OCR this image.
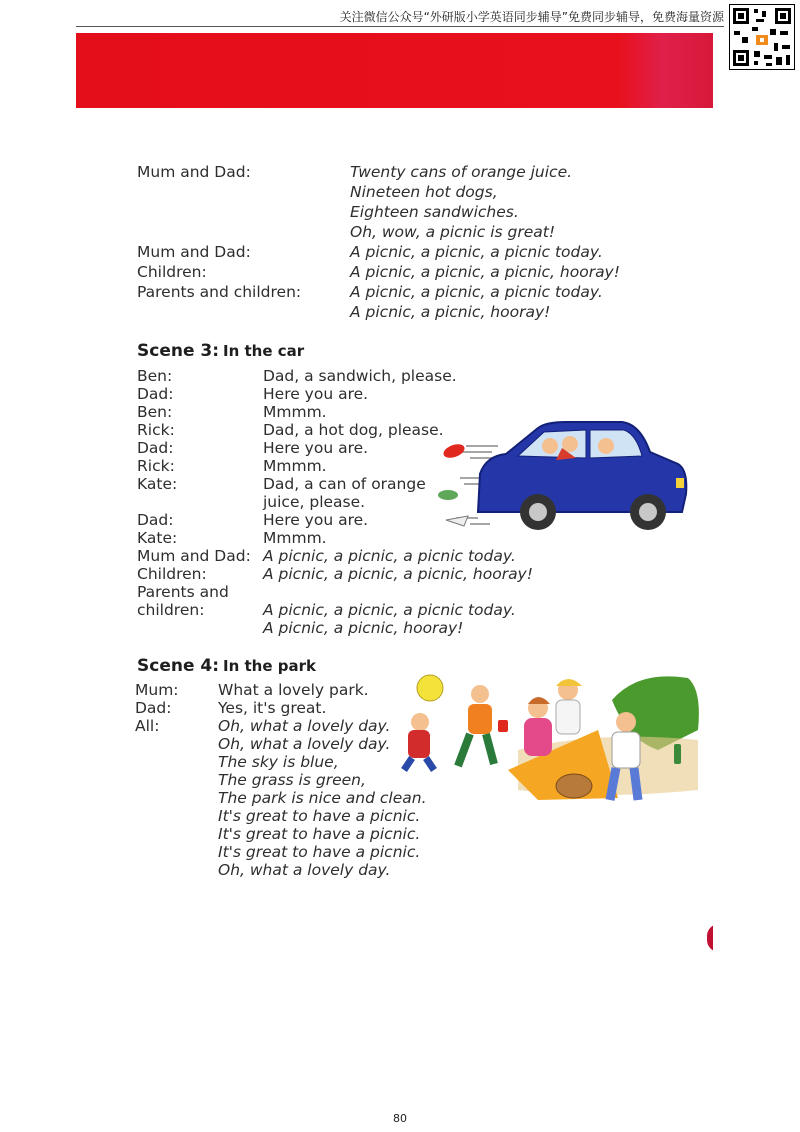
关注微信公众号“外研版小学英语同步辅导”免费同步辅导，免费海量资源
Mum and Dad:	Twenty cans of orange juice.
Nineteen hot dogs,
Eighteen sandwiches.
Oh, wow, a picnic is great!
Mum and Dad:	A picnic, a picnic, a picnic today.
Children:	A picnic, a picnic, a picnic, hooray!
Parents and children:	A picnic, a picnic, a picnic today.
A picnic, a picnic, hooray!
Scene 3: In the car
Ben:	Dad, a sandwich, please.
Dad:	Here you are.
Ben:	Mmmm.
Rick:	Dad, a hot dog, please.
Dad:	Here you are.
Rick:	Mmmm.
Kate:	Dad, a can of orange
juice, please.
Dad:	Here you are.
Kate:	Mmmm.
Mum and Dad: A picnic, a picnic, a picnic today.
Children:	A picnic, a picnic, a picnic, hooray!
Parents and
children:	A picnic, a picnic, a picnic today.
A picnic, a picnic, hooray!
Scene 4: In the park
Mum:	What a lovely park.
Dad:	Yes, it's great.
All:	Oh, what a lovely day.
Oh, what a lovely day.
The sky is blue,
The grass is green,
The park is nice and clean.
It's great to have a picnic.
It's great to have a picnic.
It's great to have a picnic.
Oh, what a lovely day.
80
